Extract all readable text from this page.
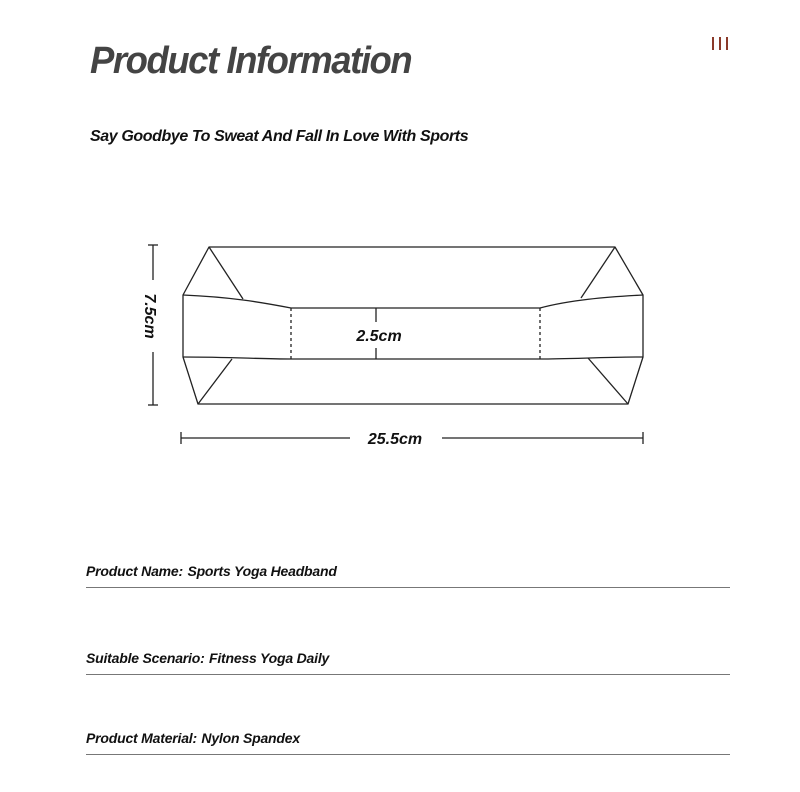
Product Information

Say Goodbye To Sweat And Fall In Love With Sports

7.5cm	2.5cm
25.5cm
Product Name: Sports Yoga Headband
Suitable Scenario: Fitness Yoga Daily
Product Material: Nylon Spandex
